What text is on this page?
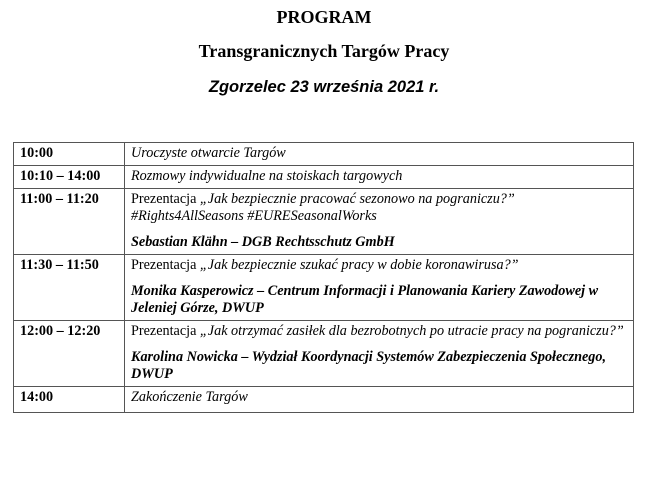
PROGRAM
Transgranicznych Targów Pracy
Zgorzelec 23 września 2021 r.
10:00	Uroczyste otwarcie Targów
10:10 – 14:00	Rozmowy indywidualne na stoiskach targowych
11:00 – 11:20	Prezentacja „Jak bezpiecznie pracować sezonowo na pograniczu?”
#Rights4AllSeasons #EURESeasonalWorks
Sebastian Klähn – DGB Rechtsschutz GmbH

11:30 – 11:50	Prezentacja „Jak bezpiecznie szukać pracy w dobie koronawirusa?”
Monika Kasperowicz – Centrum Informacji i Planowania Kariery Zawodowej w Jeleniej Górze, DWUP

12:00 – 12:20	Prezentacja „Jak otrzymać zasiłek dla bezrobotnych po utracie pracy na pograniczu?”
Karolina Nowicka – Wydział Koordynacji Systemów Zabezpieczenia Społecznego, DWUP

14:00	Zakończenie Targów
